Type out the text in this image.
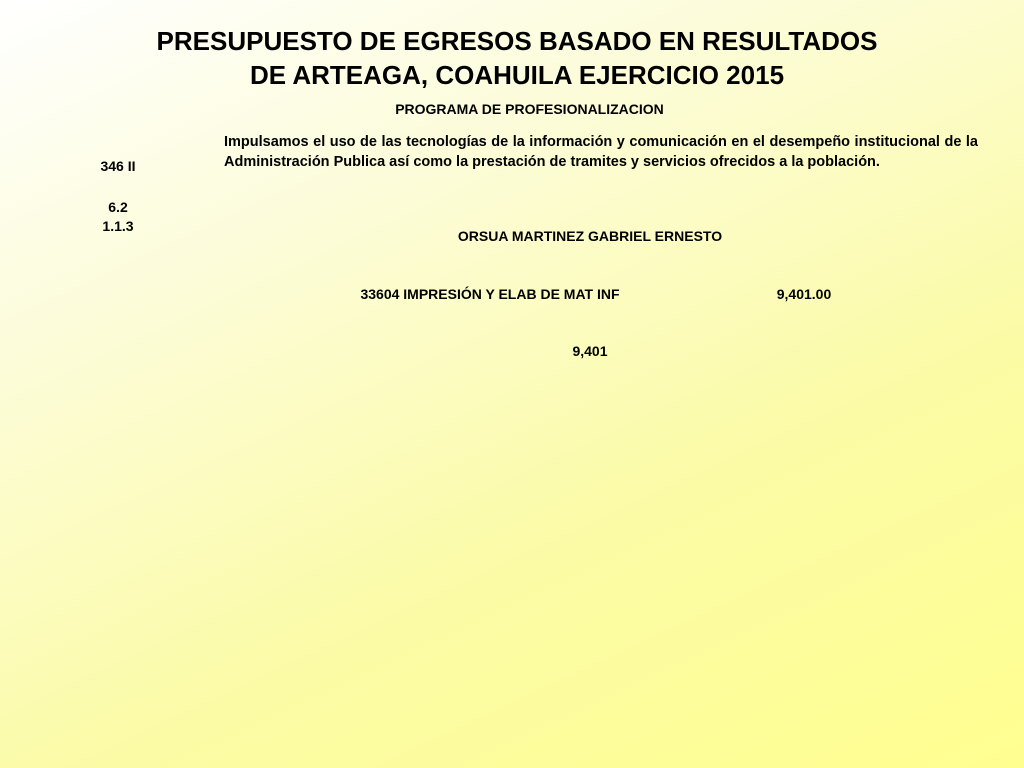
PRESUPUESTO DE EGRESOS BASADO EN RESULTADOS
DE ARTEAGA, COAHUILA EJERCICIO 2015
PROGRAMA DE PROFESIONALIZACION
346 II
6.2
1.1.3
Impulsamos el uso de las tecnologías de la información y comunicación en el desempeño institucional de la Administración Publica así como la prestación de tramites y servicios ofrecidos a la población.
ORSUA MARTINEZ GABRIEL ERNESTO
33604 IMPRESIÓN Y ELAB DE MAT INF	9,401.00
9,401
